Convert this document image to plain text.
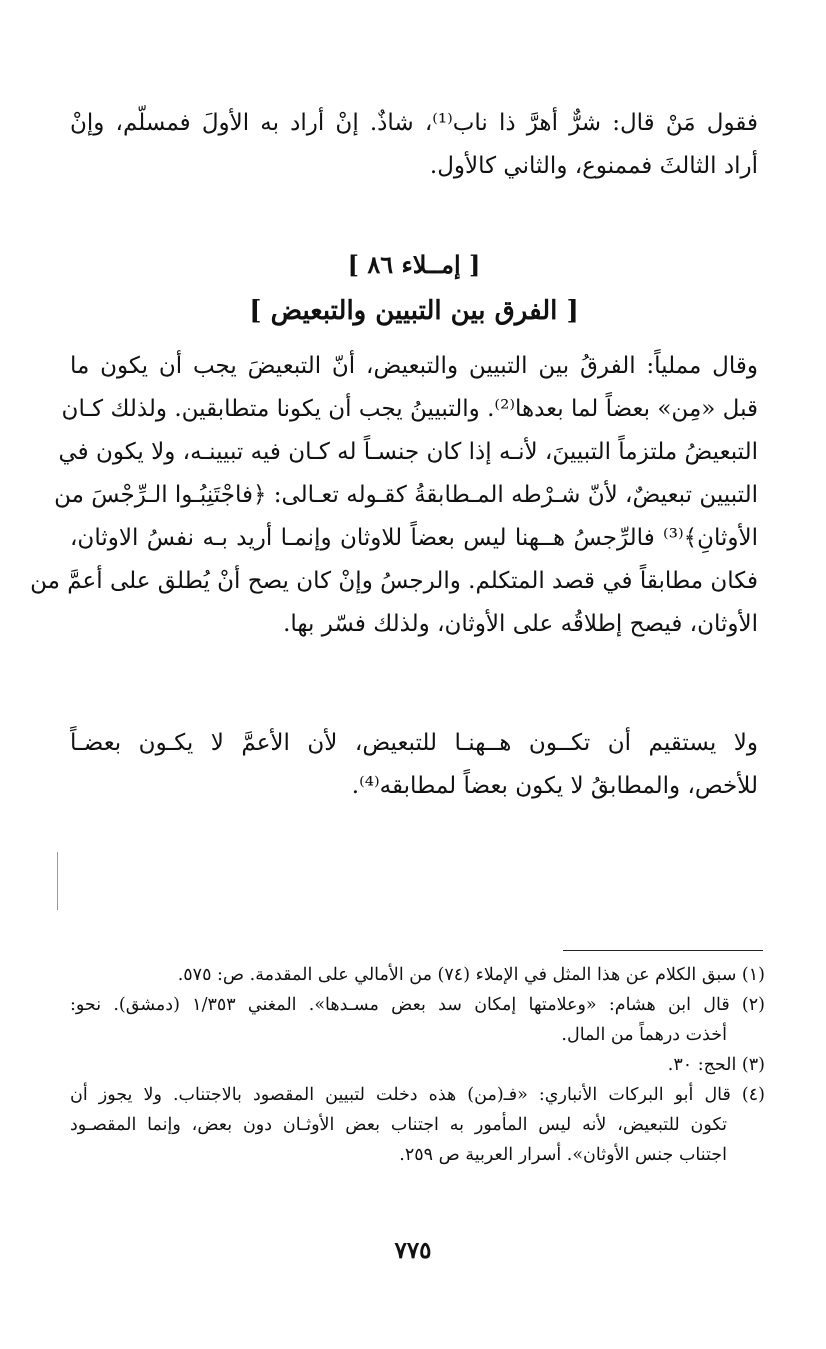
فقول مَنْ قال: شرٌّ أهرَّ ذا ناب⁽¹⁾، شاذٌ. إنْ أراد به الأولَ فمسلّم، وإنْ
أراد الثالثَ فممنوع، والثاني كالأول.
[ إمــلاء ٨٦ ]
[ الفرق بين التبيين والتبعيض ]
وقال مملياً: الفرقُ بين التبيين والتبعيض، أنّ التبعيضَ يجب أن يكون ما
قبل «مِن» بعضاً لما بعدها⁽²⁾. والتبيينُ يجب أن يكونا متطابقين. ولذلك كـان
التبعيضُ ملتزماً التبيينَ، لأنـه إذا كان جنسـاً له كـان فيه تبيينـه، ولا يكون في
التبيين تبعيضٌ، لأنّ شـرْطه المـطابقةُ كقـوله تعـالى: ﴿فاجْتَنِبُـوا الـرِّجْسَ من
الأوثانِ﴾⁽³⁾ فالرِّجسُ هــهنا ليس بعضاً للاوثان وإنمـا أريد بـه نفسُ الاوثان،
فكان مطابقاً في قصد المتكلم. والرجسُ وإنْ كان يصح أنْ يُطلق على أعمَّ من
الأوثان، فيصح إطلاقُه على الأوثان، ولذلك فسّر بها.
ولا يستقيم أن تكــون هــهنـا للتبعيض، لأن الأعمَّ لا يكـون بعضـاً
للأخص، والمطابقُ لا يكون بعضاً لمطابقه⁽⁴⁾.
(١) سبق الكلام عن هذا المثل في الإملاء (٧٤) من الأمالي على المقدمة. ص: ٥٧٥.
(٢) قال ابن هشام: «وعلامتها إمكان سد بعض مسـدها». المغني ١/٣٥٣ (دمشق). نحو:
أخذت درهماً من المال.
(٣) الحج: ٣٠.
(٤) قال أبو البركات الأنباري: «فـ(من) هذه دخلت لتبيين المقصود بالاجتناب. ولا يجوز أن
تكون للتبعيض، لأنه ليس المأمور به اجتناب بعض الأوثـان دون بعض، وإنما المقصـود
اجتناب جنس الأوثان». أسرار العربية ص ٢٥٩.
٧٧٥
